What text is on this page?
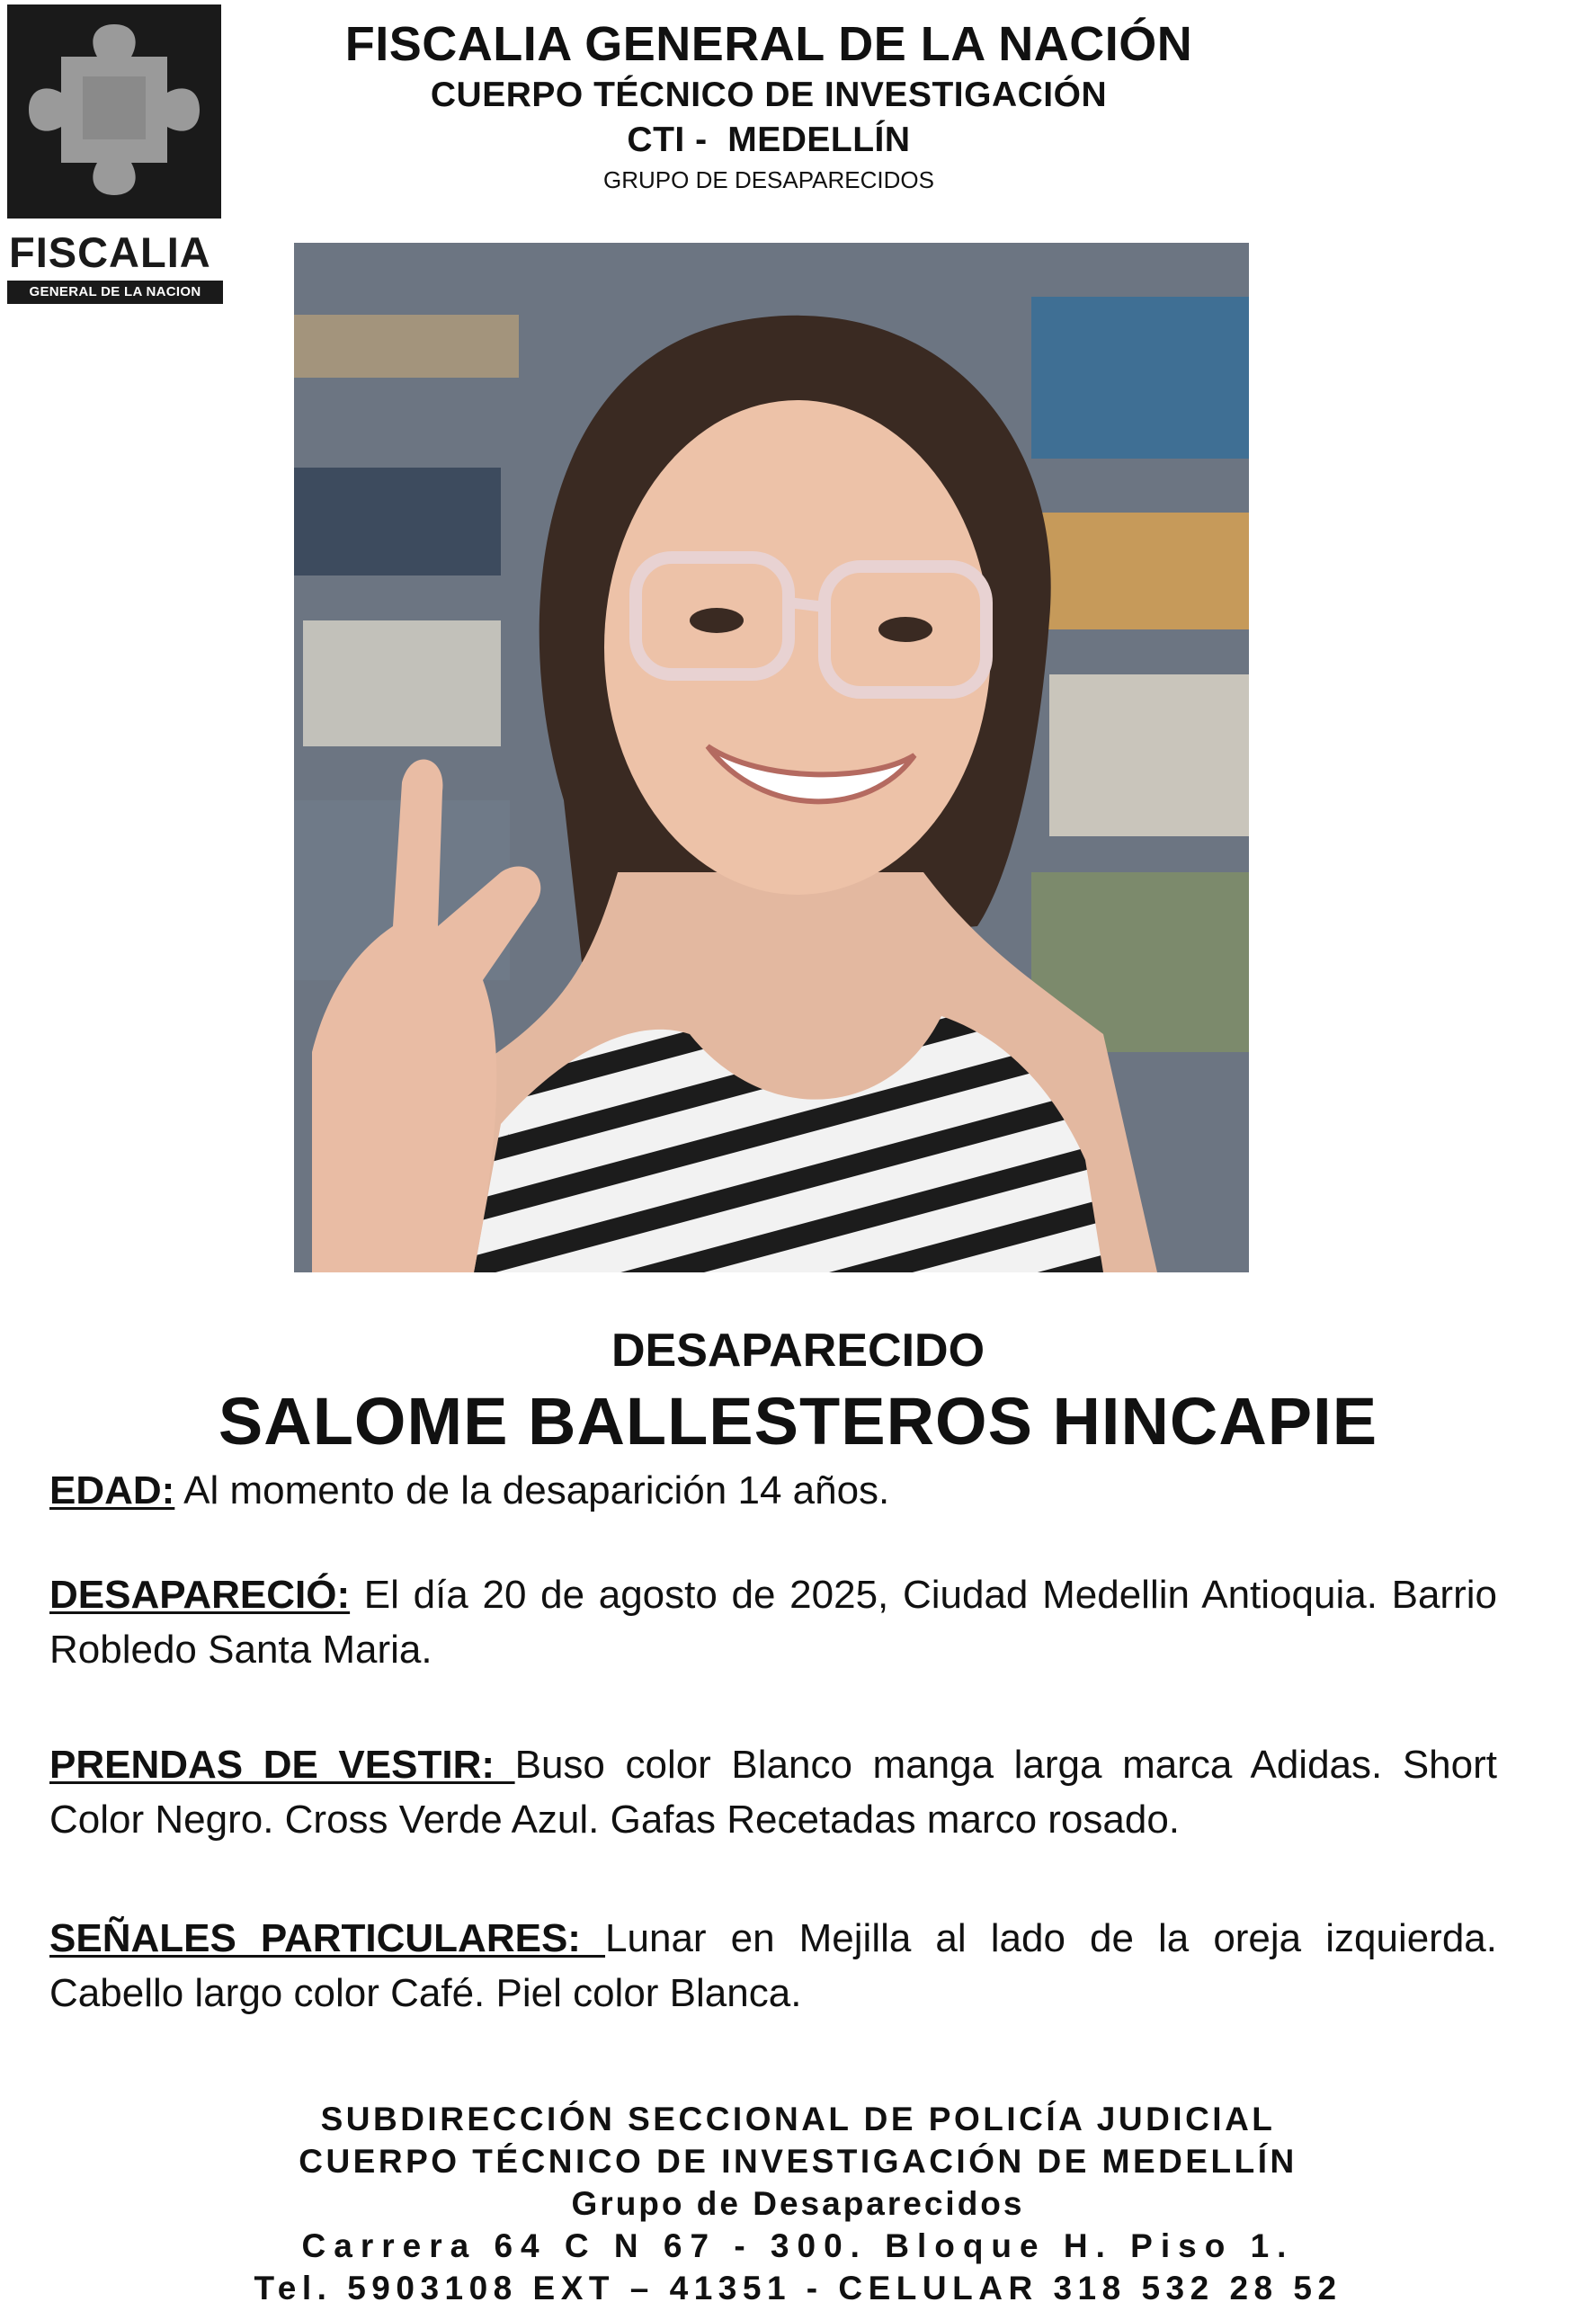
FISCALIA
GENERAL DE LA NACION
FISCALIA GENERAL DE LA NACIÓN
CUERPO TÉCNICO DE INVESTIGACIÓN
CTI -  MEDELLÍN
GRUPO DE DESAPARECIDOS
DESAPARECIDO
SALOME BALLESTEROS HINCAPIE
EDAD: Al momento de la desaparición 14 años.
DESAPARECIÓ: El día 20 de agosto de 2025, Ciudad Medellin Antioquia. Barrio Robledo Santa Maria.
PRENDAS DE VESTIR: Buso color Blanco manga larga marca Adidas. Short Color Negro. Cross Verde Azul. Gafas Recetadas marco rosado.
SEÑALES PARTICULARES: Lunar en Mejilla al lado de la oreja izquierda. Cabello largo color Café. Piel color Blanca.
SUBDIRECCIÓN SECCIONAL DE POLICÍA JUDICIAL
CUERPO TÉCNICO DE INVESTIGACIÓN DE MEDELLÍN
Grupo de Desaparecidos
Carrera 64 C N 67 - 300. Bloque H. Piso 1.
Tel. 5903108 EXT – 41351 - CELULAR 318 532 28 52
